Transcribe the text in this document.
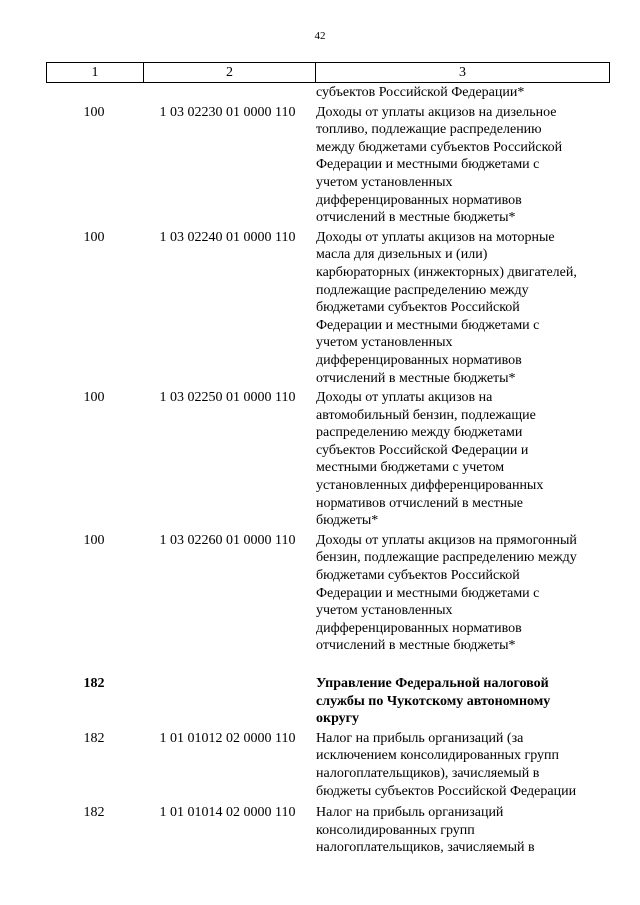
42
1	2	3
субъектов Российской Федерации*
100	1 03 02230 01 0000 110	Доходы от уплаты акцизов на дизельное
топливо, подлежащие распределению
между бюджетами субъектов Российской
Федерации и местными бюджетами с
учетом установленных
дифференцированных нормативов
отчислений в местные бюджеты*
100	1 03 02240 01 0000 110	Доходы от уплаты акцизов на моторные
масла для дизельных и (или)
карбюраторных (инжекторных) двигателей,
подлежащие распределению между
бюджетами субъектов Российской
Федерации и местными бюджетами с
учетом установленных
дифференцированных нормативов
отчислений в местные бюджеты*
100	1 03 02250 01 0000 110	Доходы от уплаты акцизов на
автомобильный бензин, подлежащие
распределению между бюджетами
субъектов Российской Федерации и
местными бюджетами с учетом
установленных дифференцированных
нормативов отчислений в местные
бюджеты*
100	1 03 02260 01 0000 110	Доходы от уплаты акцизов на прямогонный
бензин, подлежащие распределению между
бюджетами субъектов Российской
Федерации и местными бюджетами с
учетом установленных
дифференцированных нормативов
отчислений в местные бюджеты*
182	Управление Федеральной налоговой
службы по Чукотскому автономному
округу
182	1 01 01012 02 0000 110	Налог на прибыль организаций (за
исключением консолидированных групп
налогоплательщиков), зачисляемый в
бюджеты субъектов Российской Федерации
182	1 01 01014 02 0000 110	Налог на прибыль организаций
консолидированных групп
налогоплательщиков, зачисляемый в
